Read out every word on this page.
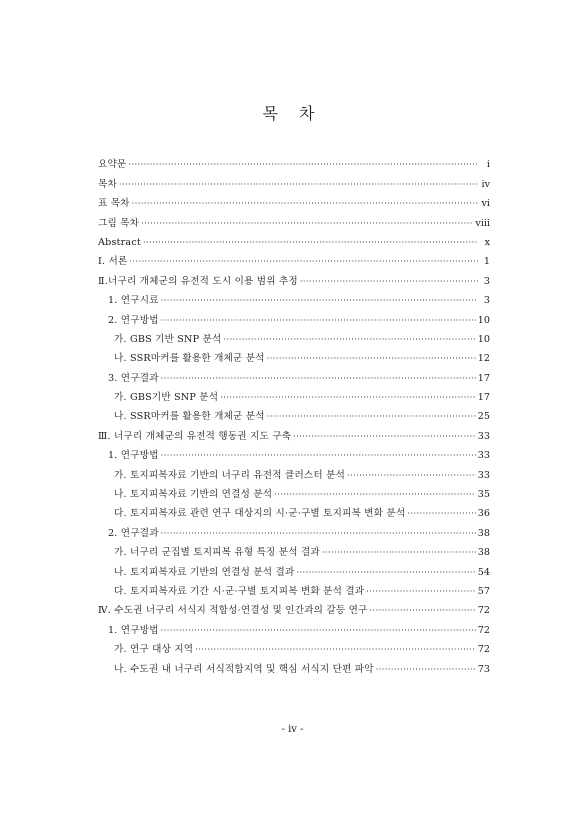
목 차
요약문 ·····	i
목차 ·····	iv
표 목차 ·····	vi
그림 목차 ·····	viii
Abstract ·····	x
Ⅰ. 서론 ·····	1
Ⅱ.너구리 개체군의 유전적 도시 이용 범위 추정 ·····	3
1. 연구시료 ·····	3
2. 연구방법 ·····	10
가. GBS 기반 SNP 분석 ·····	10
나. SSR마커를 활용한 개체군 분석 ·····	12
3. 연구결과 ·····	17
가. GBS기반 SNP 분석 ·····	17
나. SSR마커를 활용한 개체군 분석 ·····	25
Ⅲ. 너구리 개체군의 유전적 행동권 지도 구축 ·····	33
1. 연구방법 ·····	33
가. 토지피복자료 기반의 너구리 유전적 클러스터 분석 ·····	33
나. 토지피복자료 기반의 연결성 분석 ·····	35
다. 토지피복자료 관련 연구 대상지의 시·군·구별 토지피복 변화 분석 ·····	36
2. 연구결과 ·····	38
가. 너구리 군집별 토지피복 유형 특징 분석 결과 ·····	38
나. 토지피복자료 기반의 연결성 분석 결과 ·····	54
다. 토지피복자료 기간 시·군·구별 토지피복 변화 분석 결과 ·····	57
Ⅳ. 수도권 너구리 서식지 적합성·연결성 및 인간과의 갈등 연구 ·····	72
1. 연구방법 ·····	72
가. 연구 대상 지역 ·····	72
나. 수도권 내 너구리 서식적합지역 및 핵심 서식지 단편 파악 ·····	73
- iv -
